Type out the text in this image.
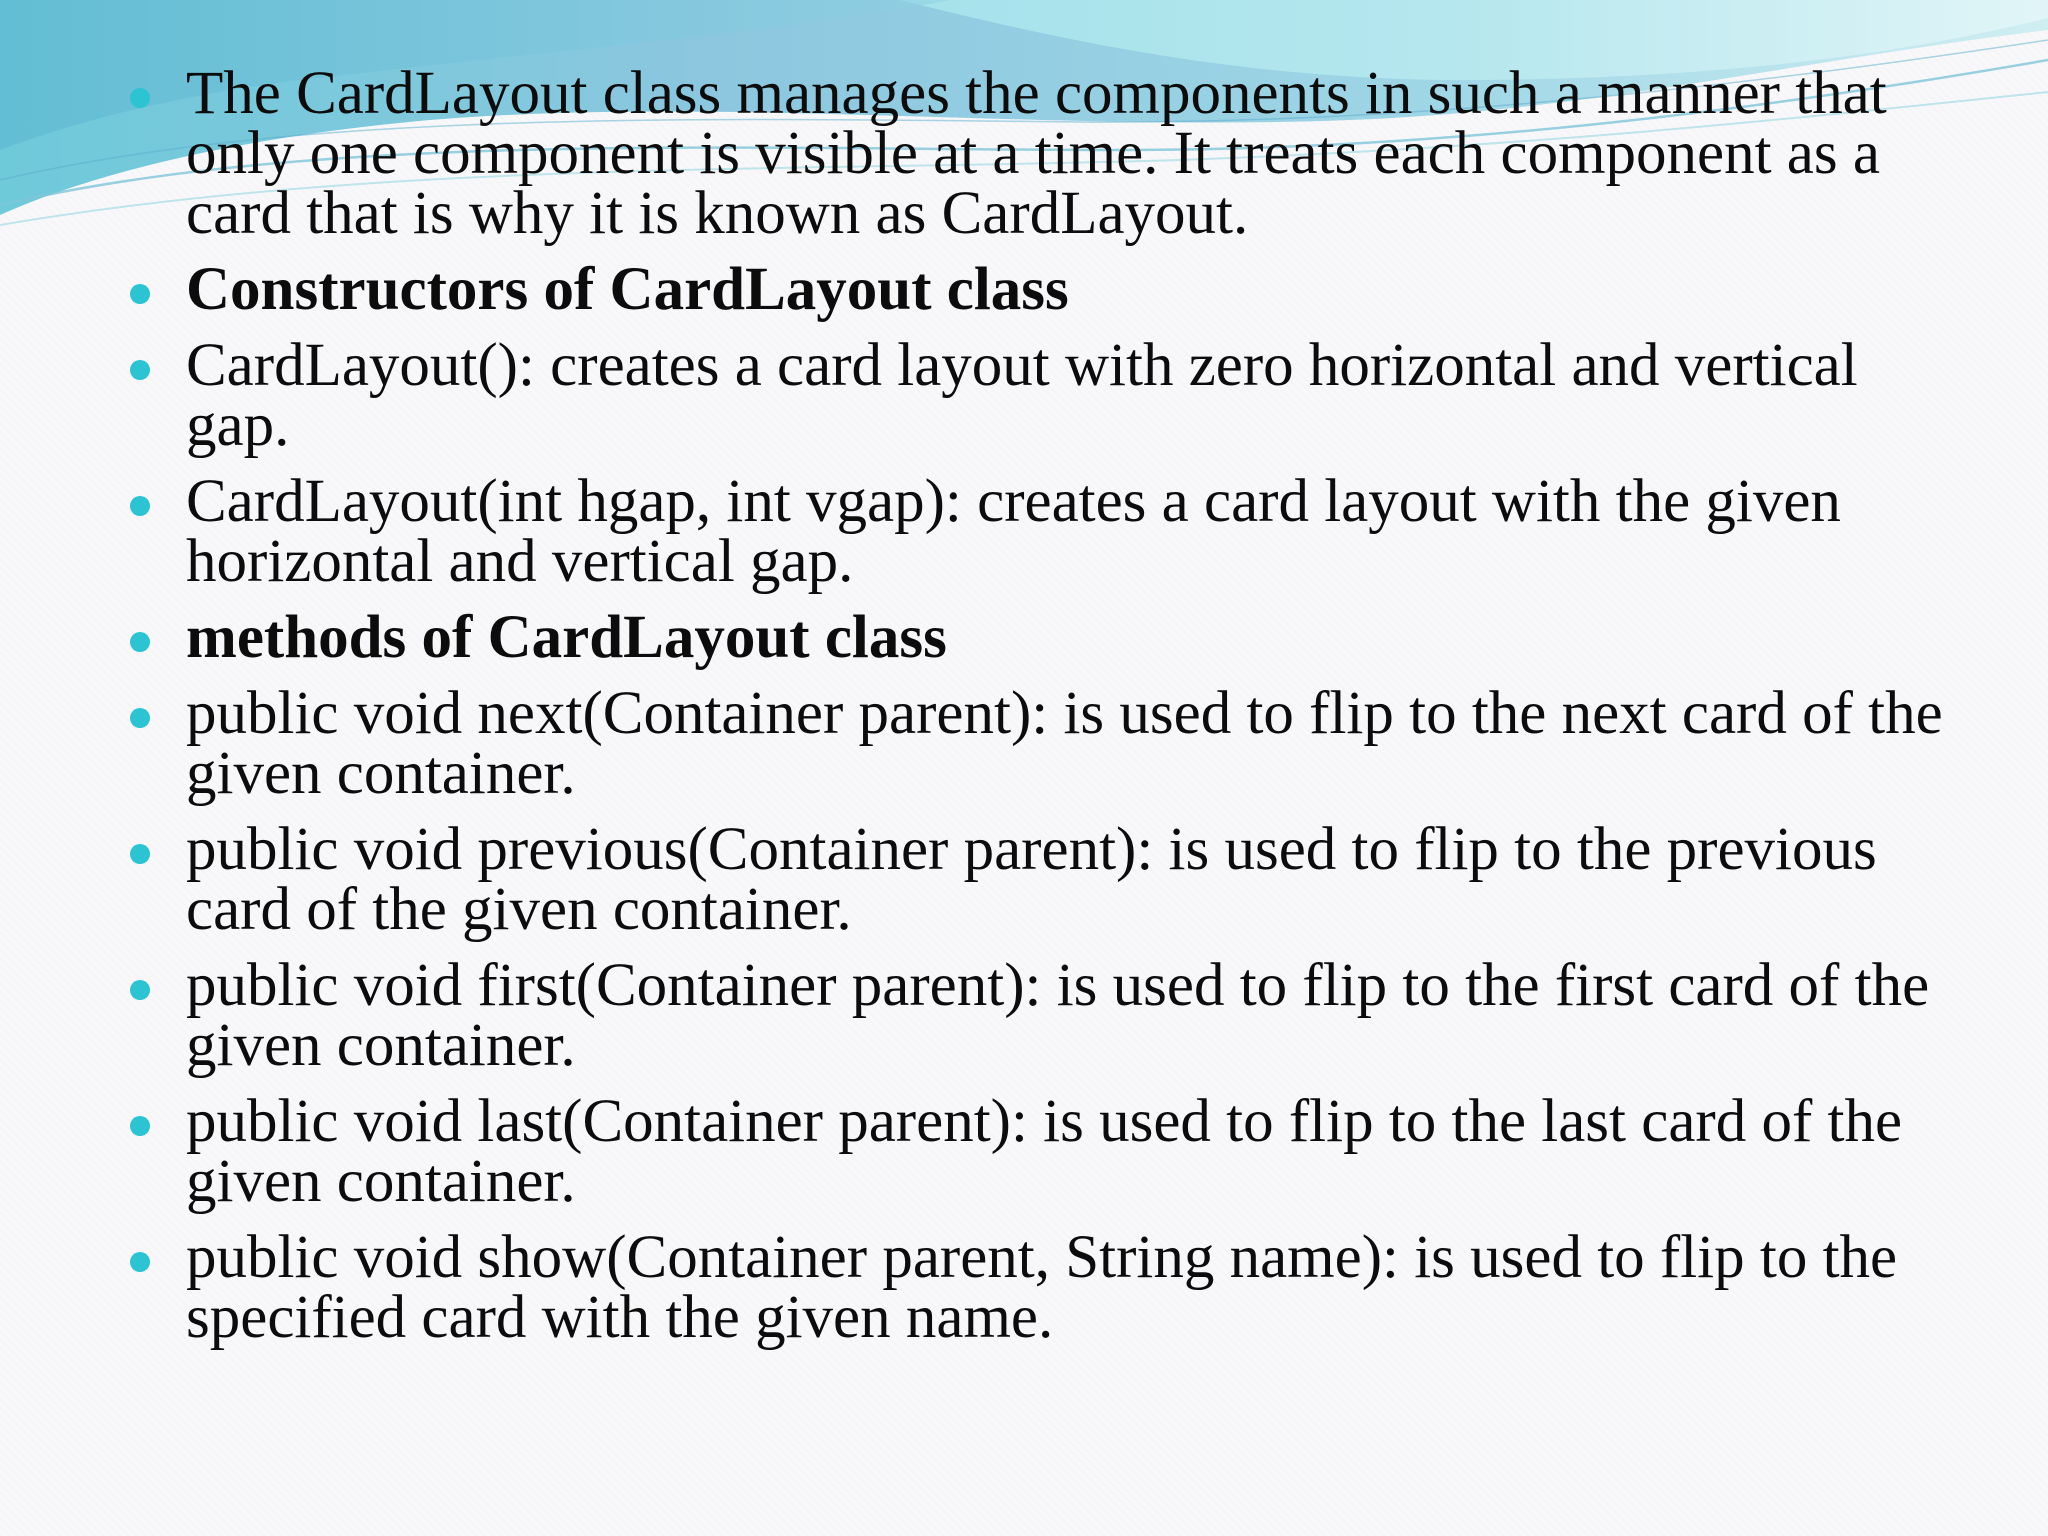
The CardLayout class manages the components in such a manner that only one component is visible at a time. It treats each component as a card that is why it is known as CardLayout.
Constructors of CardLayout class
CardLayout(): creates a card layout with zero horizontal and vertical gap.
CardLayout(int hgap, int vgap): creates a card layout with the given horizontal and vertical gap.
methods of CardLayout class
public void next(Container parent): is used to flip to the next card of the given container.
public void previous(Container parent): is used to flip to the previous card of the given container.
public void first(Container parent): is used to flip to the first card of the given container.
public void last(Container parent): is used to flip to the last card of the given container.
public void show(Container parent, String name): is used to flip to the specified card with the given name.
